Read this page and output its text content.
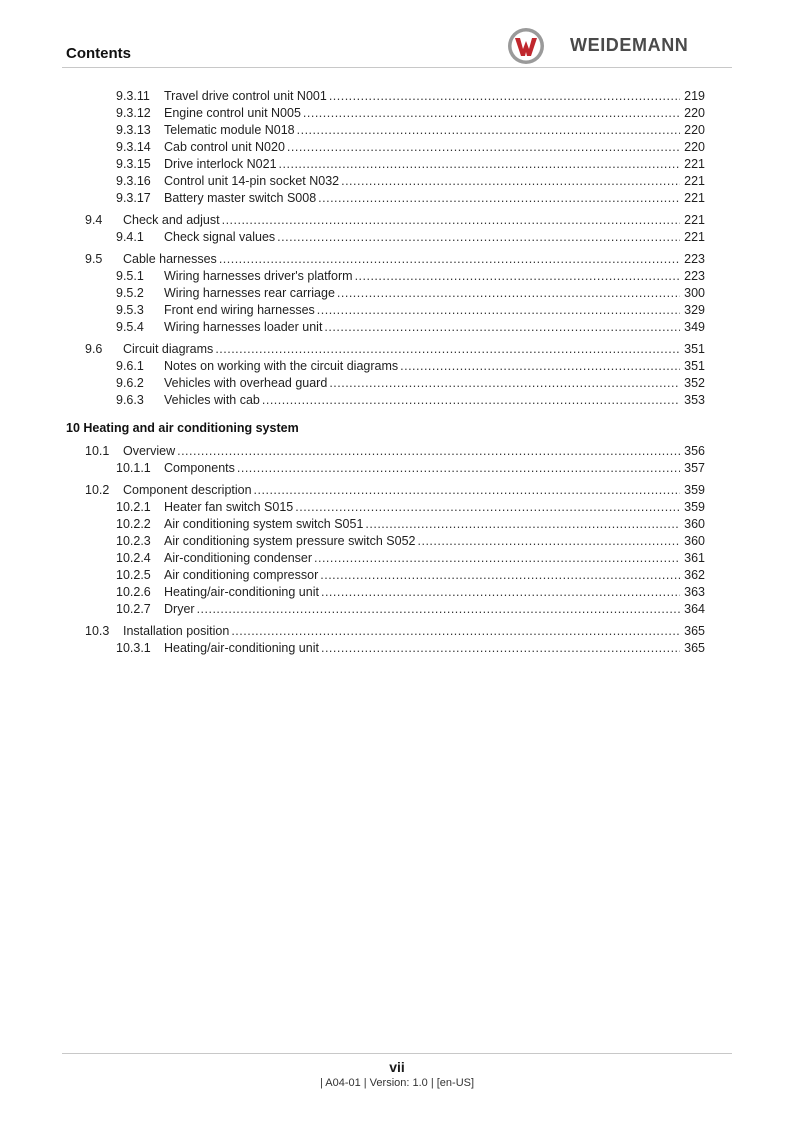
Contents	WEIDEMANN
9.3.11 Travel drive control unit N001 .....	219
9.3.12 Engine control unit N005 .....	220
9.3.13 Telematic module N018 .....	220
9.3.14 Cab control unit N020 .....	220
9.3.15 Drive interlock N021 .....	221
9.3.16 Control unit 14-pin socket N032 .....	221
9.3.17 Battery master switch S008 .....	221
9.4 Check and adjust .....	221
9.4.1 Check signal values .....	221
9.5 Cable harnesses .....	223
9.5.1 Wiring harnesses driver's platform .....	223
9.5.2 Wiring harnesses rear carriage .....	300
9.5.3 Front end wiring harnesses .....	329
9.5.4 Wiring harnesses loader unit .....	349
9.6 Circuit diagrams .....	351
9.6.1 Notes on working with the circuit diagrams .....	351
9.6.2 Vehicles with overhead guard .....	352
9.6.3 Vehicles with cab .....	353
10 Heating and air conditioning system
10.1 Overview .....	356
10.1.1 Components .....	357
10.2 Component description .....	359
10.2.1 Heater fan switch S015 .....	359
10.2.2 Air conditioning system switch S051 .....	360
10.2.3 Air conditioning system pressure switch S052 .....	360
10.2.4 Air-conditioning condenser .....	361
10.2.5 Air conditioning compressor .....	362
10.2.6 Heating/air-conditioning unit .....	363
10.2.7 Dryer .....	364
10.3 Installation position .....	365
10.3.1 Heating/air-conditioning unit .....	365
vii
| A04-01 | Version: 1.0 | [en-US]
